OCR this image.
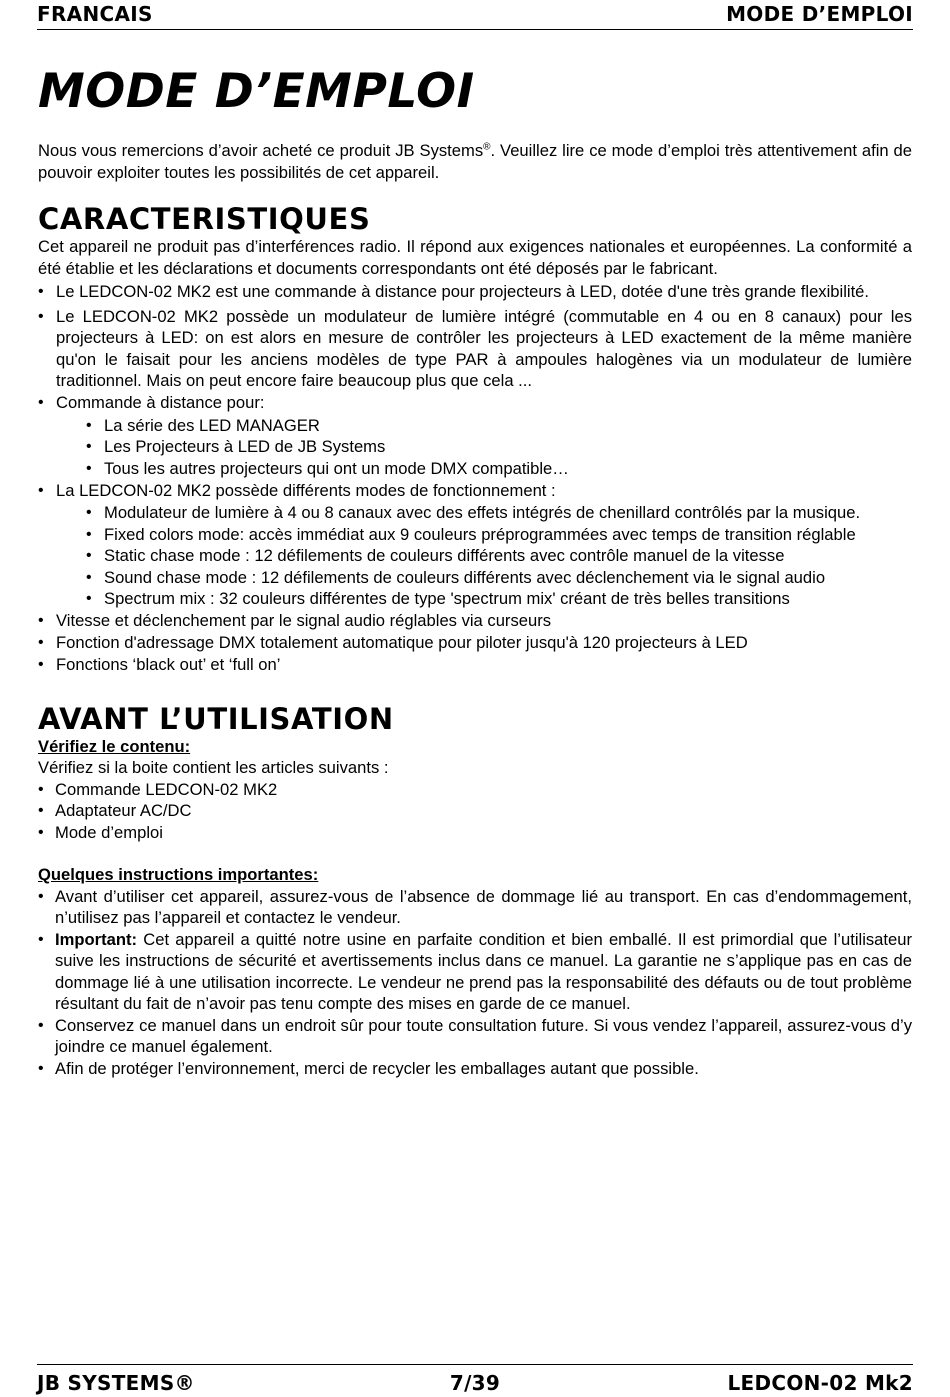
FRANCAIS	MODE D’EMPLOI
MODE D’EMPLOI

Nous vous remercions d’avoir acheté ce produit JB Systems®. Veuillez lire ce mode d’emploi très attentivement afin de pouvoir exploiter toutes les possibilités de cet appareil.

CARACTERISTIQUES

Cet appareil ne produit pas d’interférences radio. Il répond aux exigences nationales et européennes. La conformité a été établie et les déclarations et documents correspondants ont été déposés par le fabricant.

• Le LEDCON-02 MK2 est une commande à distance pour projecteurs à LED, dotée d'une très grande flexibilité.
• Le LEDCON-02 MK2 possède un modulateur de lumière intégré (commutable en 4 ou en 8 canaux) pour les projecteurs à LED: on est alors en mesure de contrôler les projecteurs à LED exactement de la même manière qu'on le faisait pour les anciens modèles de type PAR à ampoules halogènes via un modulateur de lumière traditionnel. Mais on peut encore faire beaucoup plus que cela ...
• Commande à distance pour:
• La série des LED MANAGER
• Les Projecteurs à LED de JB Systems
• Tous les autres projecteurs qui ont un mode DMX compatible…
• La LEDCON-02 MK2 possède différents modes de fonctionnement :
• Modulateur de lumière à 4 ou 8 canaux avec des effets intégrés de chenillard contrôlés par la musique.
• Fixed colors mode: accès immédiat aux 9 couleurs préprogrammées avec temps de transition réglable
• Static chase mode : 12 défilements de couleurs différents avec contrôle manuel de la vitesse
• Sound chase mode : 12 défilements de couleurs différents avec déclenchement via le signal audio
• Spectrum mix : 32 couleurs différentes de type 'spectrum mix' créant de très belles transitions
• Vitesse et déclenchement par le signal audio réglables via curseurs
• Fonction d'adressage DMX totalement automatique pour piloter jusqu'à 120 projecteurs à LED
• Fonctions ‘black out’ et ‘full on’
AVANT L’UTILISATION

Vérifiez le contenu:

Vérifiez si la boite contient les articles suivants :

• Commande LEDCON-02 MK2
• Adaptateur AC/DC
• Mode d’emploi

Quelques instructions importantes:

• Avant d’utiliser cet appareil, assurez-vous de l’absence de dommage lié au transport. En cas d’endommagement, n’utilisez pas l’appareil et contactez le vendeur.
• Important: Cet appareil a quitté notre usine en parfaite condition et bien emballé. Il est primordial que l’utilisateur suive les instructions de sécurité et avertissements inclus dans ce manuel. La garantie ne s’applique pas en cas de dommage lié à une utilisation incorrecte. Le vendeur ne prend pas la responsabilité des défauts ou de tout problème résultant du fait de n’avoir pas tenu compte des mises en garde de ce manuel.
• Conservez ce manuel dans un endroit sûr pour toute consultation future. Si vous vendez l’appareil, assurez-vous d’y joindre ce manuel également.
• Afin de protéger l’environnement, merci de recycler les emballages autant que possible.
JB SYSTEMS®	7/39	LEDCON-02 Mk2
